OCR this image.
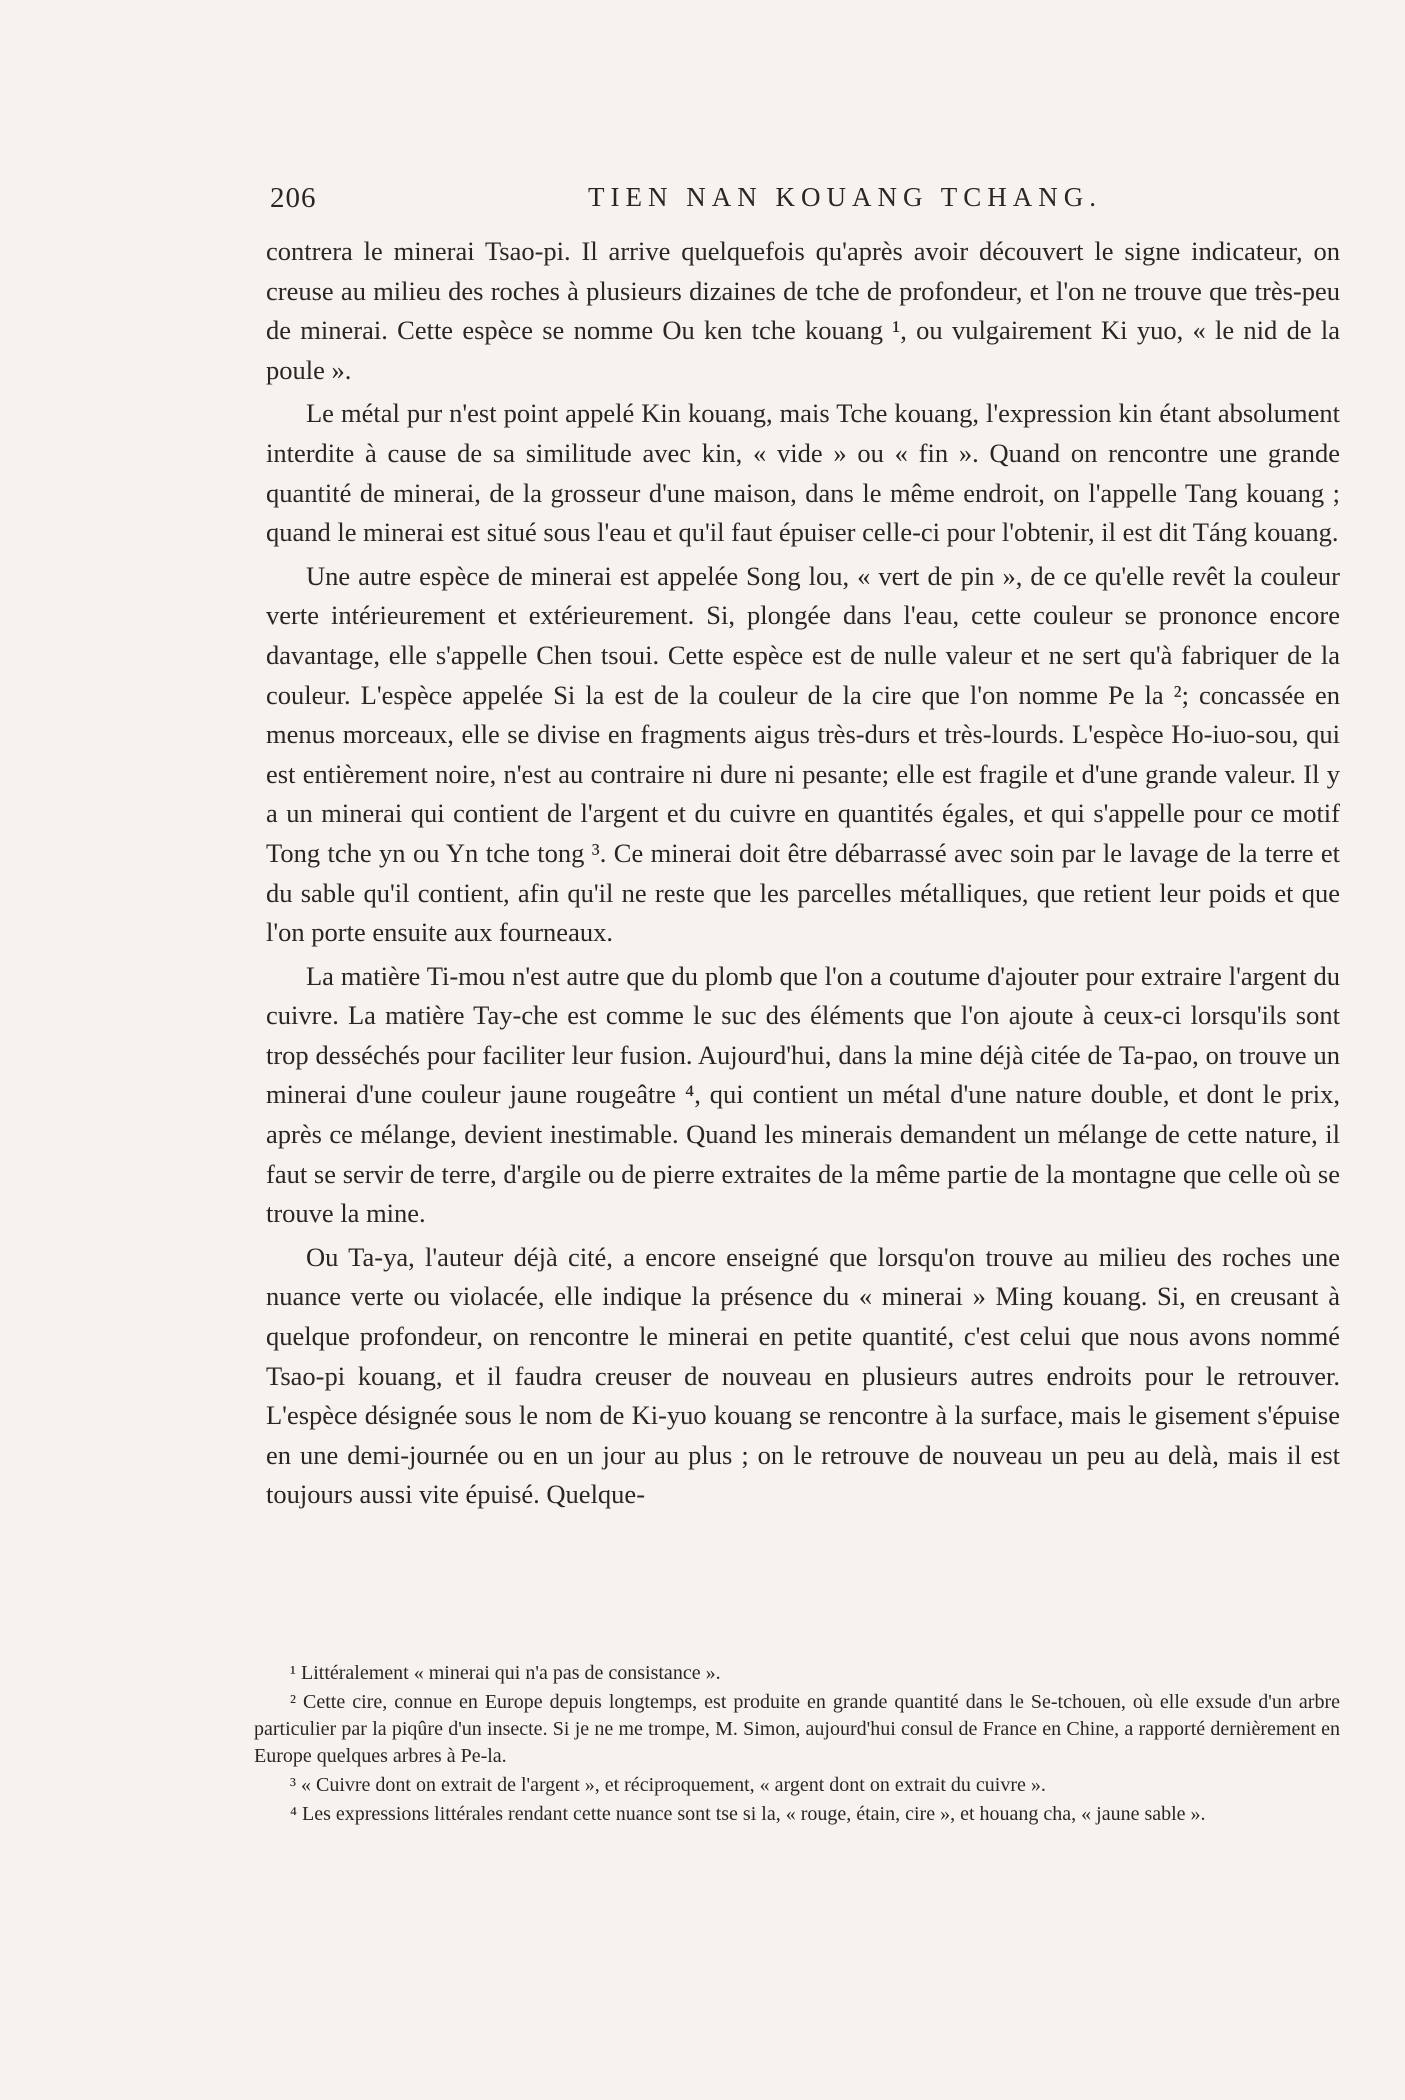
206	TIEN NAN KOUANG TCHANG.

contrera le minerai Tsao-pi. Il arrive quelquefois qu'après avoir découvert le signe indicateur, on creuse au milieu des roches à plusieurs dizaines de tche de profondeur, et l'on ne trouve que très-peu de minerai. Cette espèce se nomme Ou ken tche kouang ¹, ou vulgairement Ki yuo, « le nid de la poule ».

Le métal pur n'est point appelé Kin kouang, mais Tche kouang, l'expression kin étant absolument interdite à cause de sa similitude avec kin, « vide » ou « fin ». Quand on rencontre une grande quantité de minerai, de la grosseur d'une maison, dans le même endroit, on l'appelle Tang kouang ; quand le minerai est situé sous l'eau et qu'il faut épuiser celle-ci pour l'obtenir, il est dit Táng kouang.

Une autre espèce de minerai est appelée Song lou, « vert de pin », de ce qu'elle revêt la couleur verte intérieurement et extérieurement. Si, plongée dans l'eau, cette couleur se prononce encore davantage, elle s'appelle Chen tsoui. Cette espèce est de nulle valeur et ne sert qu'à fabriquer de la couleur. L'espèce appelée Si la est de la couleur de la cire que l'on nomme Pe la ²; concassée en menus morceaux, elle se divise en fragments aigus très-durs et très-lourds. L'espèce Ho-iuo-sou, qui est entièrement noire, n'est au contraire ni dure ni pesante; elle est fragile et d'une grande valeur. Il y a un minerai qui contient de l'argent et du cuivre en quantités égales, et qui s'appelle pour ce motif Tong tche yn ou Yn tche tong ³. Ce minerai doit être débarrassé avec soin par le lavage de la terre et du sable qu'il contient, afin qu'il ne reste que les parcelles métalliques, que retient leur poids et que l'on porte ensuite aux fourneaux.

La matière Ti-mou n'est autre que du plomb que l'on a coutume d'ajouter pour extraire l'argent du cuivre. La matière Tay-che est comme le suc des éléments que l'on ajoute à ceux-ci lorsqu'ils sont trop desséchés pour faciliter leur fusion. Aujourd'hui, dans la mine déjà citée de Ta-pao, on trouve un minerai d'une couleur jaune rougeâtre ⁴, qui contient un métal d'une nature double, et dont le prix, après ce mélange, devient inestimable. Quand les minerais demandent un mélange de cette nature, il faut se servir de terre, d'argile ou de pierre extraites de la même partie de la montagne que celle où se trouve la mine.

Ou Ta-ya, l'auteur déjà cité, a encore enseigné que lorsqu'on trouve au milieu des roches une nuance verte ou violacée, elle indique la présence du « minerai » Ming kouang. Si, en creusant à quelque profondeur, on rencontre le minerai en petite quantité, c'est celui que nous avons nommé Tsao-pi kouang, et il faudra creuser de nouveau en plusieurs autres endroits pour le retrouver. L'espèce désignée sous le nom de Ki-yuo kouang se rencontre à la surface, mais le gisement s'épuise en une demi-journée ou en un jour au plus ; on le retrouve de nouveau un peu au delà, mais il est toujours aussi vite épuisé. Quelque-

¹ Littéralement « minerai qui n'a pas de consistance ».

² Cette cire, connue en Europe depuis longtemps, est produite en grande quantité dans le Se-tchouen, où elle exsude d'un arbre particulier par la piqûre d'un insecte. Si je ne me trompe, M. Simon, aujourd'hui consul de France en Chine, a rapporté dernièrement en Europe quelques arbres à Pe-la.

³ « Cuivre dont on extrait de l'argent », et réciproquement, « argent dont on extrait du cuivre ».

⁴ Les expressions littérales rendant cette nuance sont tse si la, « rouge, étain, cire », et houang cha, « jaune sable ».
